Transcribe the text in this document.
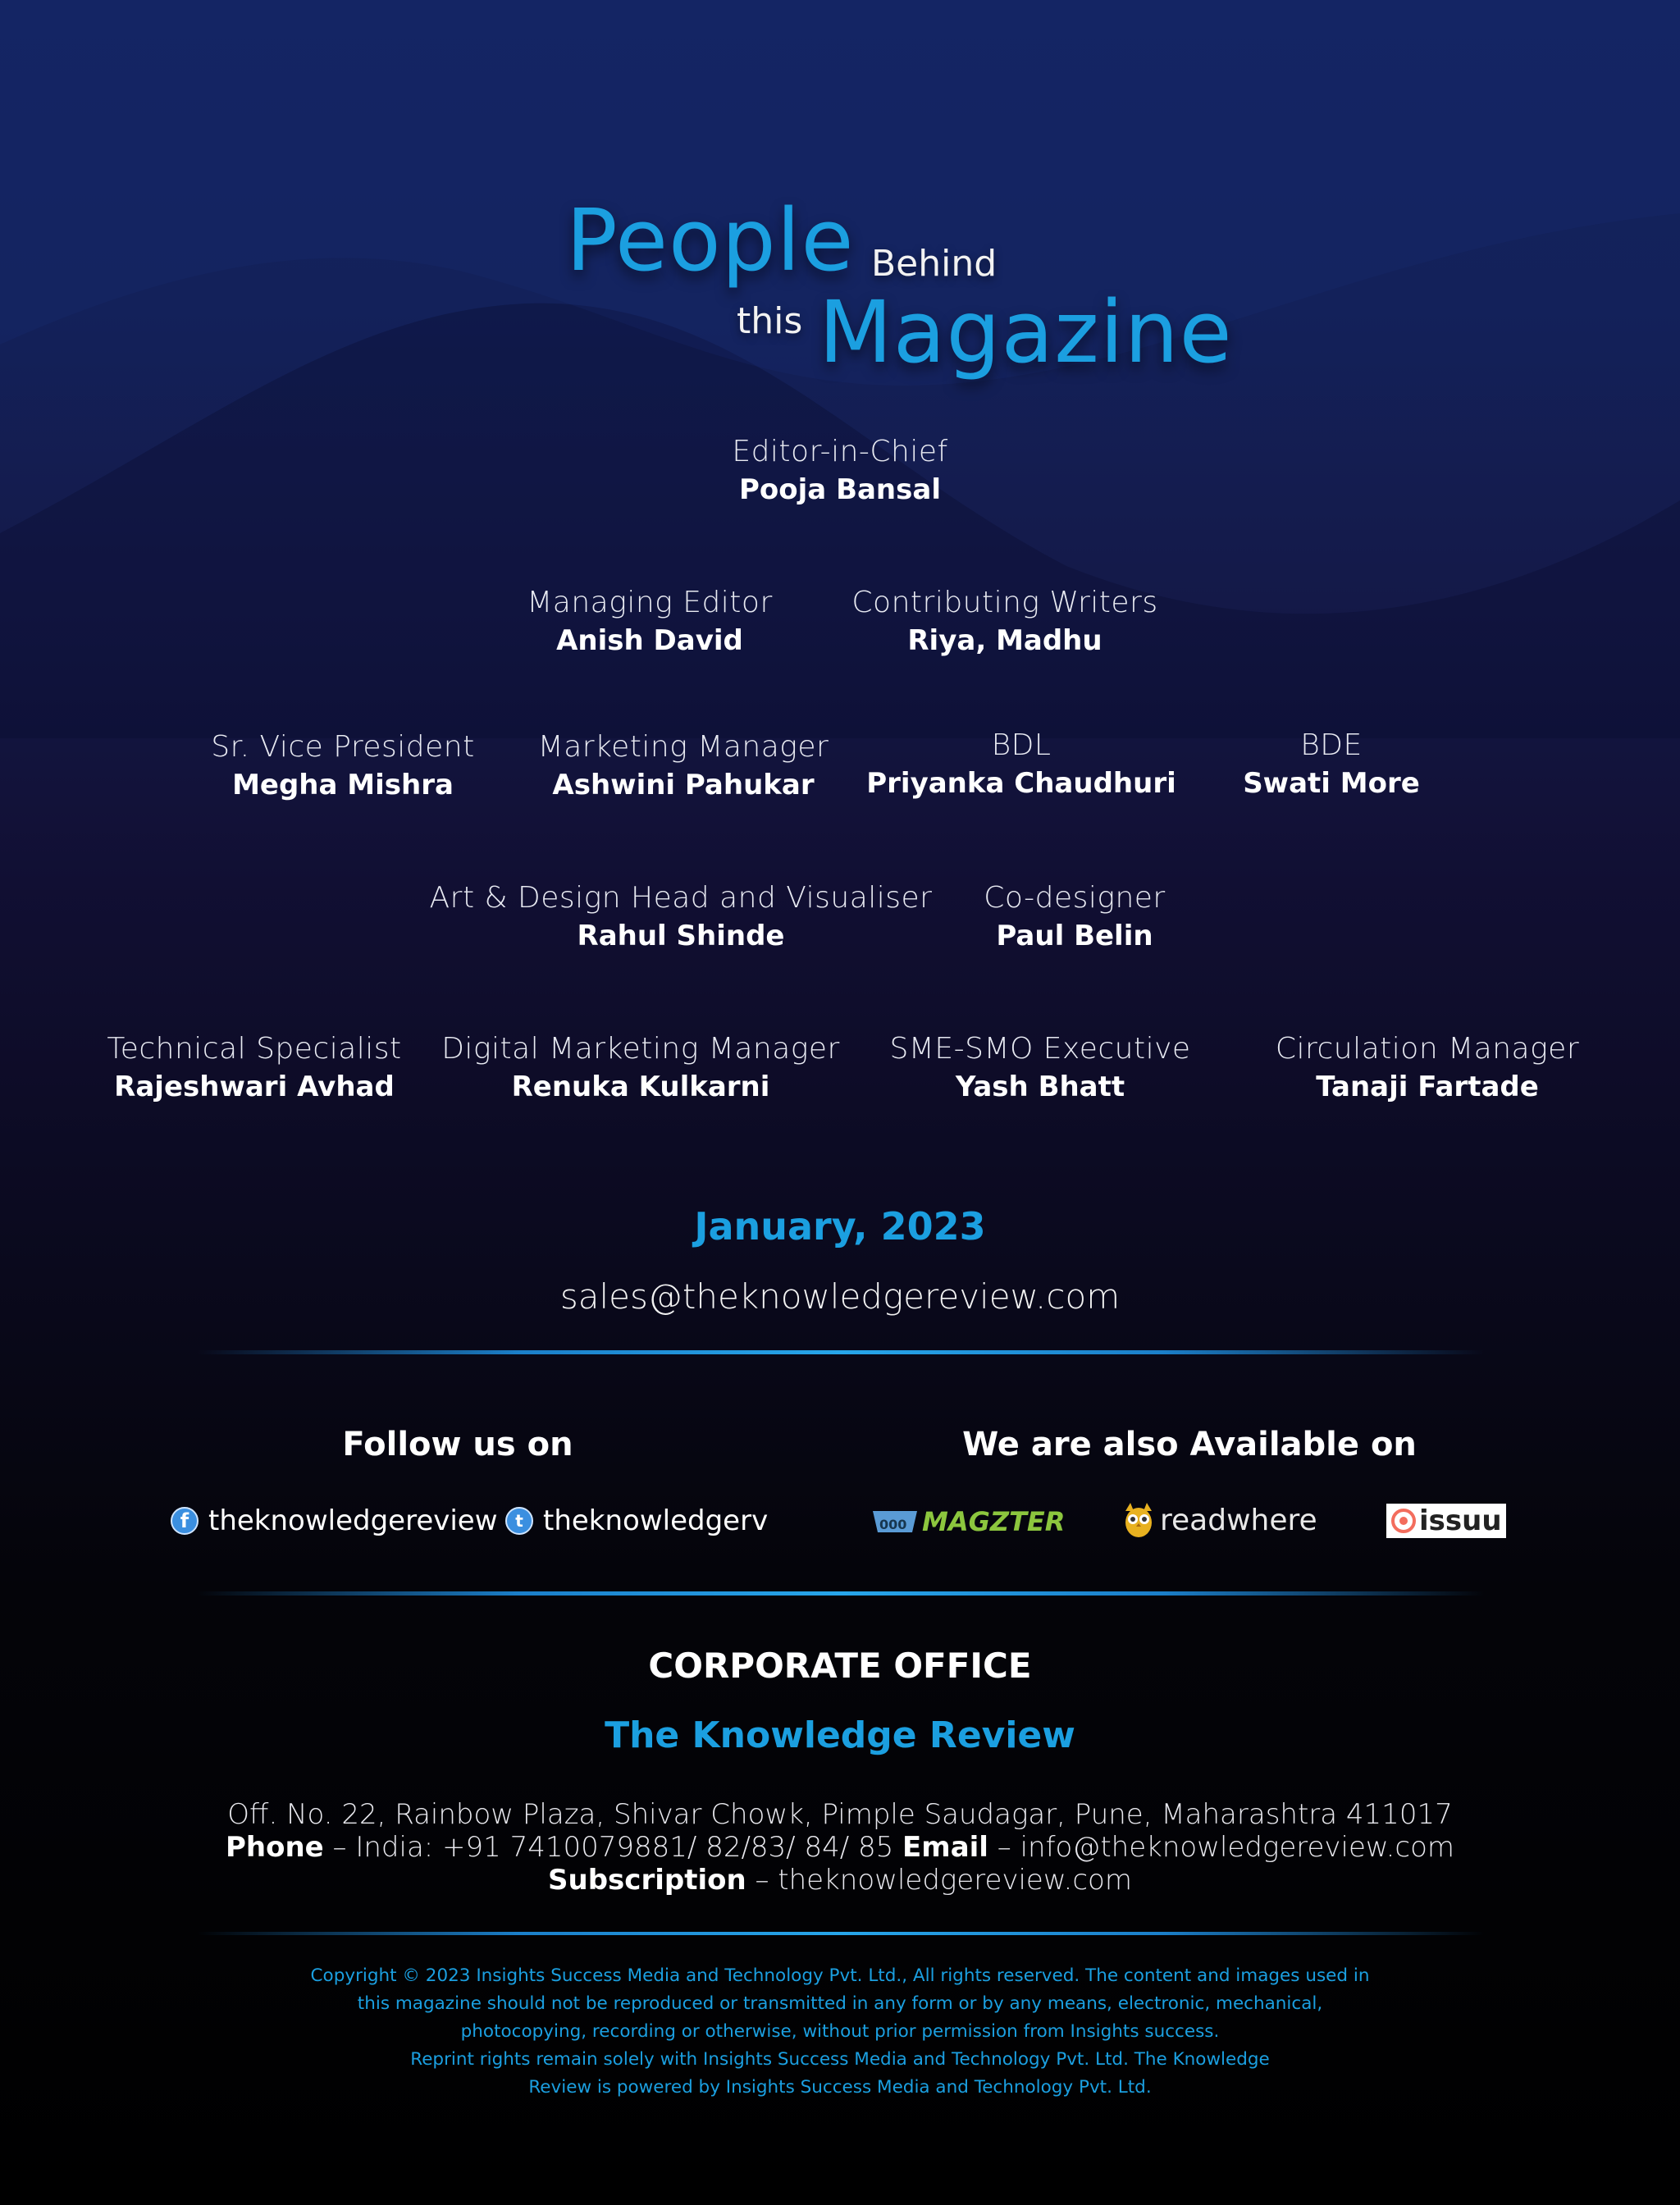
People Behind
this Magazine
Editor-in-Chief
Pooja Bansal
Managing Editor
Anish David
Contributing Writers
Riya, Madhu
Sr. Vice President
Megha Mishra
Marketing Manager
Ashwini Pahukar
BDL
Priyanka Chaudhuri
BDE
Swati More
Art & Design Head and Visualiser
Rahul Shinde
Co-designer
Paul Belin
Technical Specialist
Rajeshwari Avhad
Digital Marketing Manager
Renuka Kulkarni
SME-SMO Executive
Yash Bhatt
Circulation Manager
Tanaji Fartade
January, 2023
sales@theknowledgereview.com
Follow us on
f theknowledgereview	t theknowledgerv
We are also Available on
000 MAGZTER	readwhere	issuu
CORPORATE OFFICE
The Knowledge Review
Off. No. 22, Rainbow Plaza, Shivar Chowk, Pimple Saudagar, Pune, Maharashtra 411017
Phone – India: +91 7410079881/ 82/83/ 84/ 85 Email – info@theknowledgereview.com
Subscription – theknowledgereview.com
Copyright © 2023 Insights Success Media and Technology Pvt. Ltd., All rights reserved. The content and images used in
this magazine should not be reproduced or transmitted in any form or by any means, electronic, mechanical,
photocopying, recording or otherwise, without prior permission from Insights success.
Reprint rights remain solely with Insights Success Media and Technology Pvt. Ltd. The Knowledge
Review is powered by Insights Success Media and Technology Pvt. Ltd.
